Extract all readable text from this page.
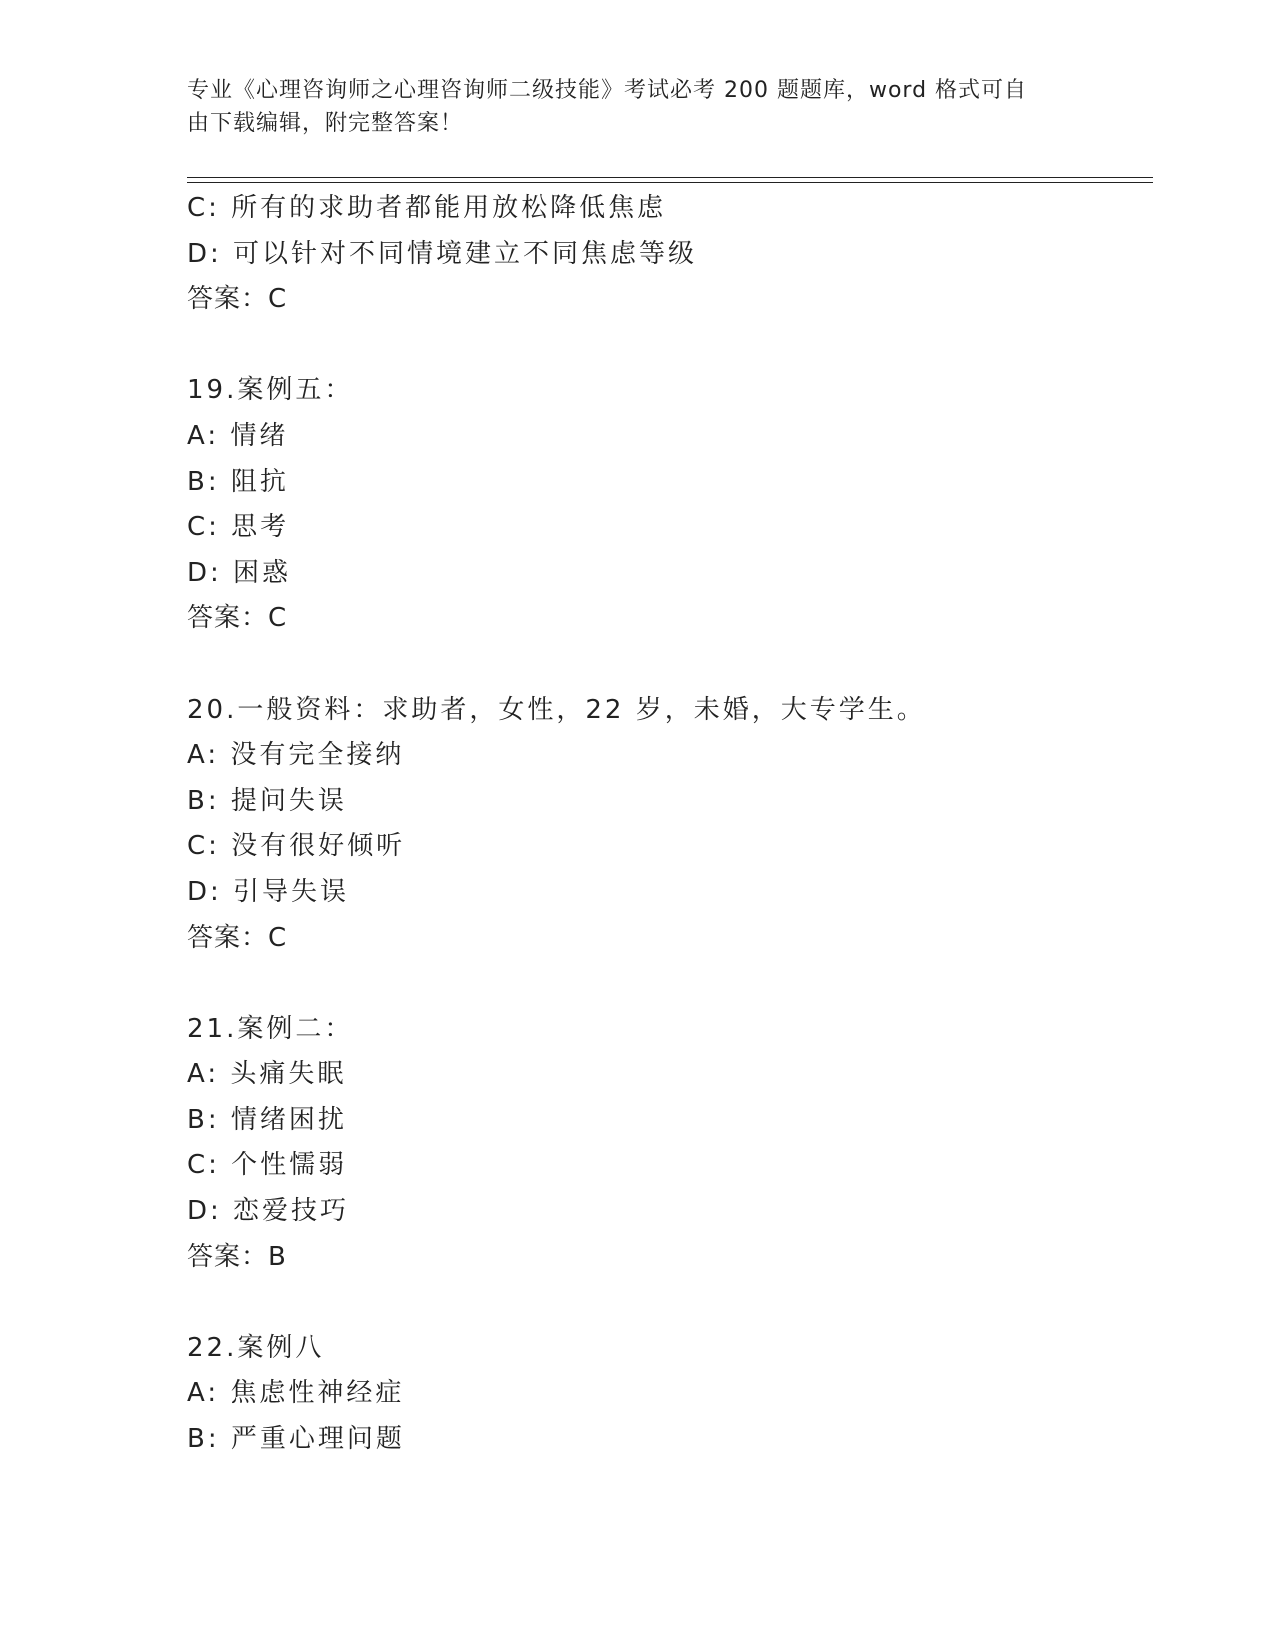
专业《心理咨询师之心理咨询师二级技能》考试必考 200 题题库，word 格式可自
由下载编辑，附完整答案！
C: 所有的求助者都能用放松降低焦虑
D: 可以针对不同情境建立不同焦虑等级
答案：C
19.案例五：
A: 情绪
B: 阻抗
C: 思考
D: 困惑
答案：C
20.一般资料：求助者，女性，22 岁，未婚，大专学生。
A: 没有完全接纳
B: 提问失误
C: 没有很好倾听
D: 引导失误
答案：C
21.案例二：
A: 头痛失眠
B: 情绪困扰
C: 个性懦弱
D: 恋爱技巧
答案：B
22.案例八
A: 焦虑性神经症
B: 严重心理问题
